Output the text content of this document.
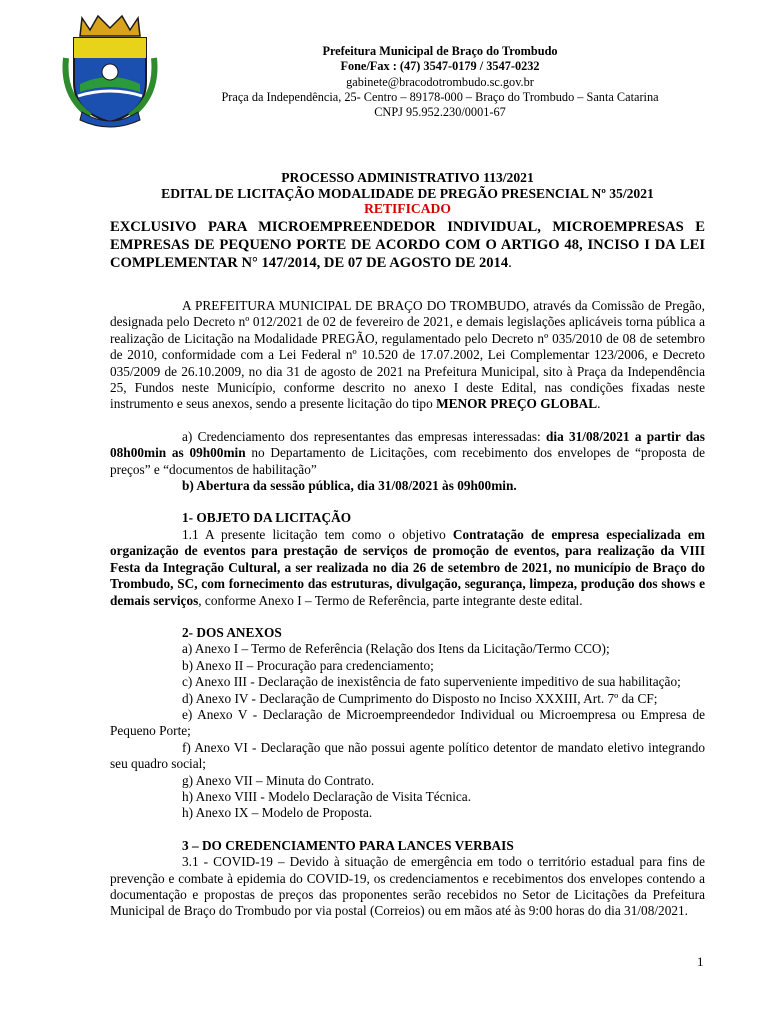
Prefeitura Municipal de Braço do Trombudo
Fone/Fax : (47) 3547-0179 / 3547-0232
gabinete@bracodotrombudo.sc.gov.br
Praça da Independência, 25- Centro – 89178-000 – Braço do Trombudo – Santa Catarina
CNPJ 95.952.230/0001-67
PROCESSO ADMINISTRATIVO 113/2021
EDITAL DE LICITAÇÃO MODALIDADE DE PREGÃO PRESENCIAL Nº 35/2021
RETIFICADO
EXCLUSIVO PARA MICROEMPREENDEDOR INDIVIDUAL, MICROEMPRESAS E EMPRESAS DE PEQUENO PORTE DE ACORDO COM O ARTIGO 48, INCISO I DA LEI COMPLEMENTAR N° 147/2014, DE 07 DE AGOSTO DE 2014.

A PREFEITURA MUNICIPAL DE BRAÇO DO TROMBUDO, através da Comissão de Pregão, designada pelo Decreto nº 012/2021 de 02 de fevereiro de 2021, e demais legislações aplicáveis torna pública a realização de Licitação na Modalidade PREGÃO, regulamentado pelo Decreto nº 035/2010 de 08 de setembro de 2010, conformidade com a Lei Federal nº 10.520 de 17.07.2002, Lei Complementar 123/2006, e Decreto 035/2009 de 26.10.2009, no dia 31 de agosto de 2021 na Prefeitura Municipal, sito à Praça da Independência 25, Fundos neste Município, conforme descrito no anexo I deste Edital, nas condições fixadas neste instrumento e seus anexos, sendo a presente licitação do tipo MENOR PREÇO GLOBAL.

a) Credenciamento dos representantes das empresas interessadas: dia 31/08/2021 a partir das 08h00min as 09h00min no Departamento de Licitações, com recebimento dos envelopes de “proposta de preços” e “documentos de habilitação”

b) Abertura da sessão pública, dia 31/08/2021 às 09h00min.

1- OBJETO DA LICITAÇÃO

1.1 A presente licitação tem como o objetivo Contratação de empresa especializada em organização de eventos para prestação de serviços de promoção de eventos, para realização da VIII Festa da Integração Cultural, a ser realizada no dia 26 de setembro de 2021, no município de Braço do Trombudo, SC, com fornecimento das estruturas, divulgação, segurança, limpeza, produção dos shows e demais serviços, conforme Anexo I – Termo de Referência, parte integrante deste edital.

2- DOS ANEXOS

a) Anexo I – Termo de Referência (Relação dos Itens da Licitação/Termo CCO);

b) Anexo II – Procuração para credenciamento;

c) Anexo III - Declaração de inexistência de fato superveniente impeditivo de sua habilitação;

d) Anexo IV - Declaração de Cumprimento do Disposto no Inciso XXXIII, Art. 7º da CF;

e) Anexo V - Declaração de Microempreendedor Individual ou Microempresa ou Empresa de Pequeno Porte;

f) Anexo VI - Declaração que não possui agente político detentor de mandato eletivo integrando seu quadro social;

g) Anexo VII – Minuta do Contrato.

h) Anexo VIII - Modelo Declaração de Visita Técnica.

h) Anexo IX – Modelo de Proposta.

3 – DO CREDENCIAMENTO PARA LANCES VERBAIS

3.1 - COVID-19 – Devido à situação de emergência em todo o território estadual para fins de prevenção e combate à epidemia do COVID-19, os credenciamentos e recebimentos dos envelopes contendo a documentação e propostas de preços das proponentes serão recebidos no Setor de Licitações da Prefeitura Municipal de Braço do Trombudo por via postal (Correios) ou em mãos até às 9:00 horas do dia 31/08/2021.

1
